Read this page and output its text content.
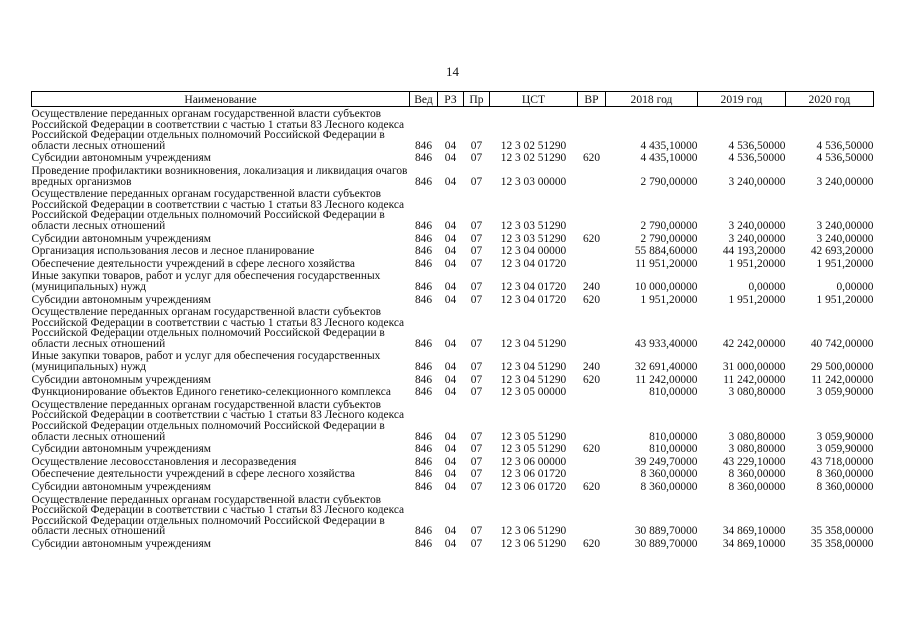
14
Наименование	Вед	РЗ	Пр	ЦСТ	ВР	2018 год	2019 год	2020 год
Осуществление переданных органам государственной власти субъектов Российской Федерации в соответствии с частью 1 статьи 83 Лесного кодекса Российской Федерации отдельных полномочий Российской Федерации в области лесных отношений	846	04	07	12 3 02 51290		4 435,10000	4 536,50000	4 536,50000
Субсидии автономным учреждениям	846	04	07	12 3 02 51290	620	4 435,10000	4 536,50000	4 536,50000
Проведение профилактики возникновения, локализация и ликвидация очагов вредных организмов	846	04	07	12 3 03 00000		2 790,00000	3 240,00000	3 240,00000
Осуществление переданных органам государственной власти субъектов Российской Федерации в соответствии с частью 1 статьи 83 Лесного кодекса Российской Федерации отдельных полномочий Российской Федерации в области лесных отношений	846	04	07	12 3 03 51290		2 790,00000	3 240,00000	3 240,00000
Субсидии автономным учреждениям	846	04	07	12 3 03 51290	620	2 790,00000	3 240,00000	3 240,00000
Организация использования лесов и лесное планирование	846	04	07	12 3 04 00000		55 884,60000	44 193,20000	42 693,20000
Обеспечение деятельности учреждений в сфере лесного хозяйства	846	04	07	12 3 04 01720		11 951,20000	1 951,20000	1 951,20000
Иные закупки товаров, работ и услуг для обеспечения государственных (муниципальных) нужд	846	04	07	12 3 04 01720	240	10 000,00000	0,00000	0,00000
Субсидии автономным учреждениям	846	04	07	12 3 04 01720	620	1 951,20000	1 951,20000	1 951,20000
Осуществление переданных органам государственной власти субъектов Российской Федерации в соответствии с частью 1 статьи 83 Лесного кодекса Российской Федерации отдельных полномочий Российской Федерации в области лесных отношений	846	04	07	12 3 04 51290		43 933,40000	42 242,00000	40 742,00000
Иные закупки товаров, работ и услуг для обеспечения государственных (муниципальных) нужд	846	04	07	12 3 04 51290	240	32 691,40000	31 000,00000	29 500,00000
Субсидии автономным учреждениям	846	04	07	12 3 04 51290	620	11 242,00000	11 242,00000	11 242,00000
Функционирование объектов Единого генетико-селекционного комплекса	846	04	07	12 3 05 00000		810,00000	3 080,80000	3 059,90000
Осуществление переданных органам государственной власти субъектов Российской Федерации в соответствии с частью 1 статьи 83 Лесного кодекса Российской Федерации отдельных полномочий Российской Федерации в области лесных отношений	846	04	07	12 3 05 51290		810,00000	3 080,80000	3 059,90000
Субсидии автономным учреждениям	846	04	07	12 3 05 51290	620	810,00000	3 080,80000	3 059,90000
Осуществление лесовосстановления и лесоразведения	846	04	07	12 3 06 00000		39 249,70000	43 229,10000	43 718,00000
Обеспечение деятельности учреждений в сфере лесного хозяйства	846	04	07	12 3 06 01720		8 360,00000	8 360,00000	8 360,00000
Субсидии автономным учреждениям	846	04	07	12 3 06 01720	620	8 360,00000	8 360,00000	8 360,00000
Осуществление переданных органам государственной власти субъектов Российской Федерации в соответствии с частью 1 статьи 83 Лесного кодекса Российской Федерации отдельных полномочий Российской Федерации в области лесных отношений	846	04	07	12 3 06 51290		30 889,70000	34 869,10000	35 358,00000
Субсидии автономным учреждениям	846	04	07	12 3 06 51290	620	30 889,70000	34 869,10000	35 358,00000
